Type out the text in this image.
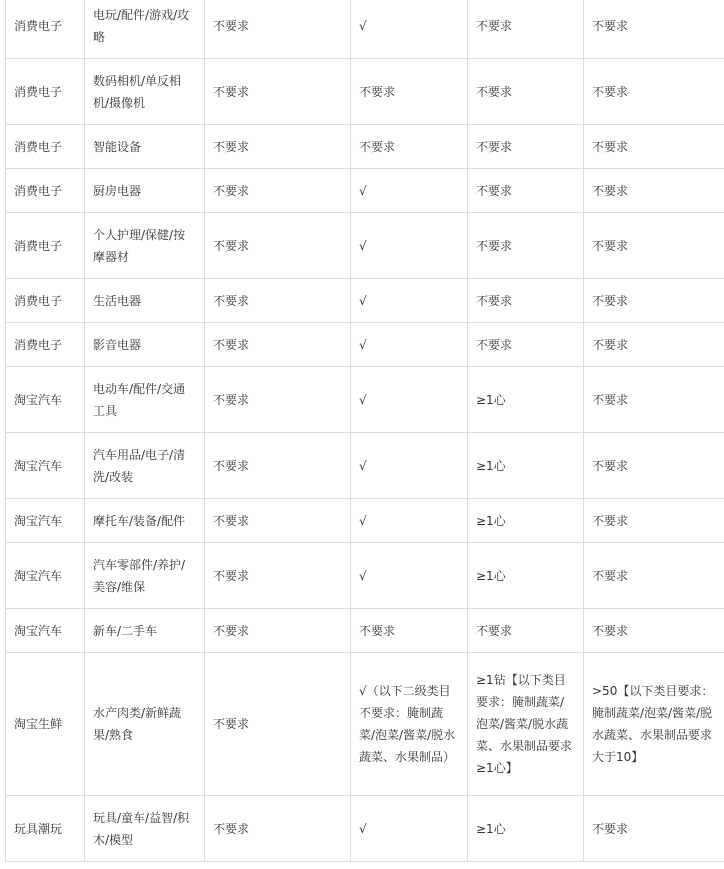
消费电子	电玩/配件/游戏/攻略	不要求	√	不要求	不要求
消费电子	数码相机/单反相机/摄像机	不要求	不要求	不要求	不要求
消费电子	智能设备	不要求	不要求	不要求	不要求
消费电子	厨房电器	不要求	√	不要求	不要求
消费电子	个人护理/保健/按摩器材	不要求	√	不要求	不要求
消费电子	生活电器	不要求	√	不要求	不要求
消费电子	影音电器	不要求	√	不要求	不要求
淘宝汽车	电动车/配件/交通工具	不要求	√	≥1心	不要求
淘宝汽车	汽车用品/电子/清洗/改装	不要求	√	≥1心	不要求
淘宝汽车	摩托车/装备/配件	不要求	√	≥1心	不要求
淘宝汽车	汽车零部件/养护/美容/维保	不要求	√	≥1心	不要求
淘宝汽车	新车/二手车	不要求	不要求	不要求	不要求
淘宝生鲜	水产肉类/新鲜蔬果/熟食	不要求	√（以下二级类目不要求：腌制蔬菜/泡菜/酱菜/脱水蔬菜、水果制品）	≥1钻【以下类目要求：腌制蔬菜/泡菜/酱菜/脱水蔬菜、水果制品要求≥1心】	>50【以下类目要求：腌制蔬菜/泡菜/酱菜/脱水蔬菜、水果制品要求大于10】
玩具潮玩	玩具/童车/益智/积木/模型	不要求	√	≥1心	不要求
